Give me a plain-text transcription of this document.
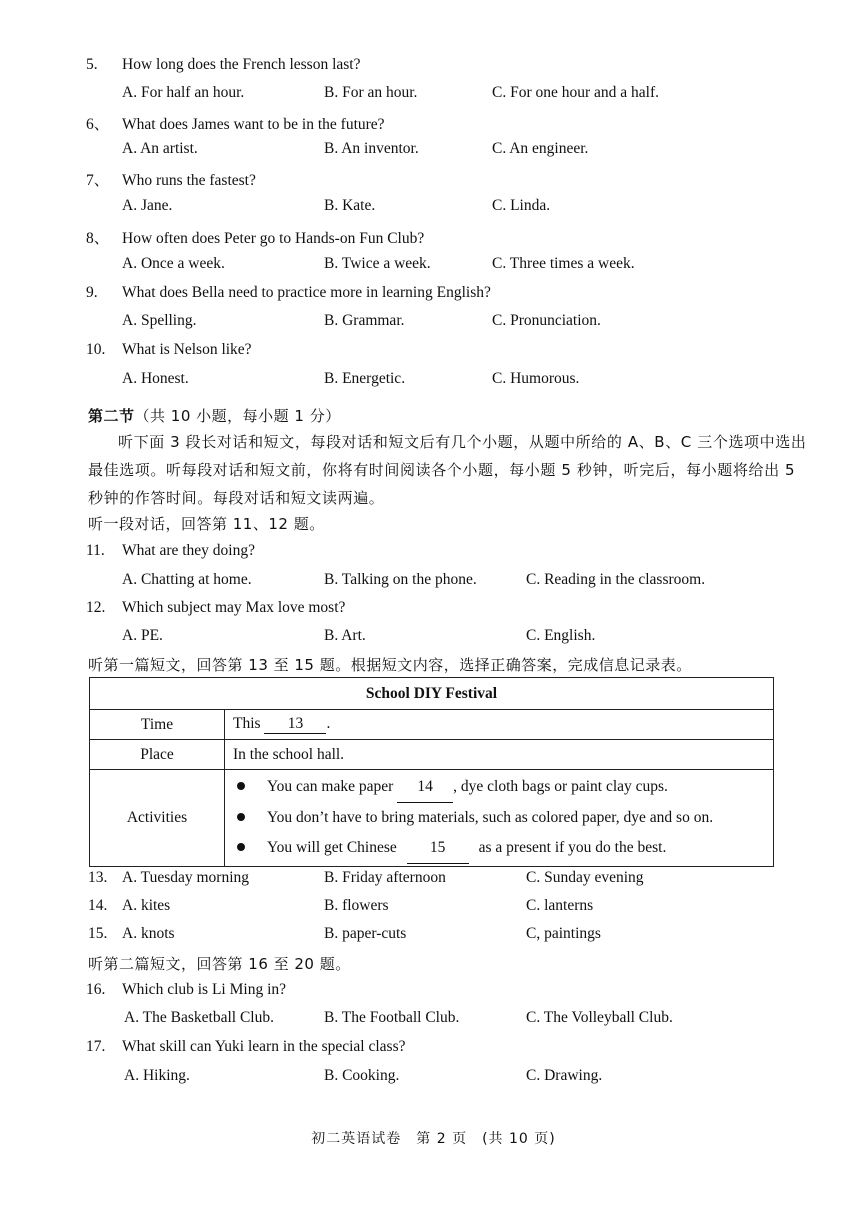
5. How long does the French lesson last?
A. For half an hour.	B. For an hour.	C. For one hour and a half.
6、 What does James want to be in the future?
A. An artist.	B. An inventor.	C. An engineer.
7、 Who runs the fastest?
A. Jane.	B. Kate.	C. Linda.
8、 How often does Peter go to Hands-on Fun Club?
A. Once a week.	B. Twice a week.	C. Three times a week.
9. What does Bella need to practice more in learning English?
A. Spelling.	B. Grammar.	C. Pronunciation.
10. What is Nelson like?
A. Honest.	B. Energetic.	C. Humorous.
第二节（共 10 小题，每小题 1 分）
听下面 3 段长对话和短文，每段对话和短文后有几个小题，从题中所给的 A、B、C 三个选项中选出最佳选项。听每段对话和短文前，你将有时间阅读各个小题，每小题 5 秒钟，听完后，每小题将给出 5 秒钟的作答时间。每段对话和短文读两遍。
听一段对话，回答第 11、12 题。
11. What are they doing?
A. Chatting at home.	B. Talking on the phone.	C. Reading in the classroom.
12. Which subject may Max love most?
A. PE.	B. Art.	C. English.
听第一篇短文，回答第 13 至 15 题。根据短文内容，选择正确答案，完成信息记录表。
School DIY Festival	
Time	This 13 .
Place	In the school hall.
Activities	You can make paper 14 , dye cloth bags or paint clay cups.
You don’t have to bring materials, such as colored paper, dye and so on.
You will get Chinese 15 as a present if you do the best.
13. A. Tuesday morning	B. Friday afternoon	C. Sunday evening
14. A. kites	B. flowers	C. lanterns
15. A. knots	B. paper-cuts	C, paintings
听第二篇短文，回答第 16 至 20 题。
16. Which club is Li Ming in?
A. The Basketball Club.	B. The Football Club.	C. The Volleyball Club.
17. What skill can Yuki learn in the special class?
A. Hiking.	B. Cooking.	C. Drawing.
初二英语试卷　第 2 页　(共 10 页)
